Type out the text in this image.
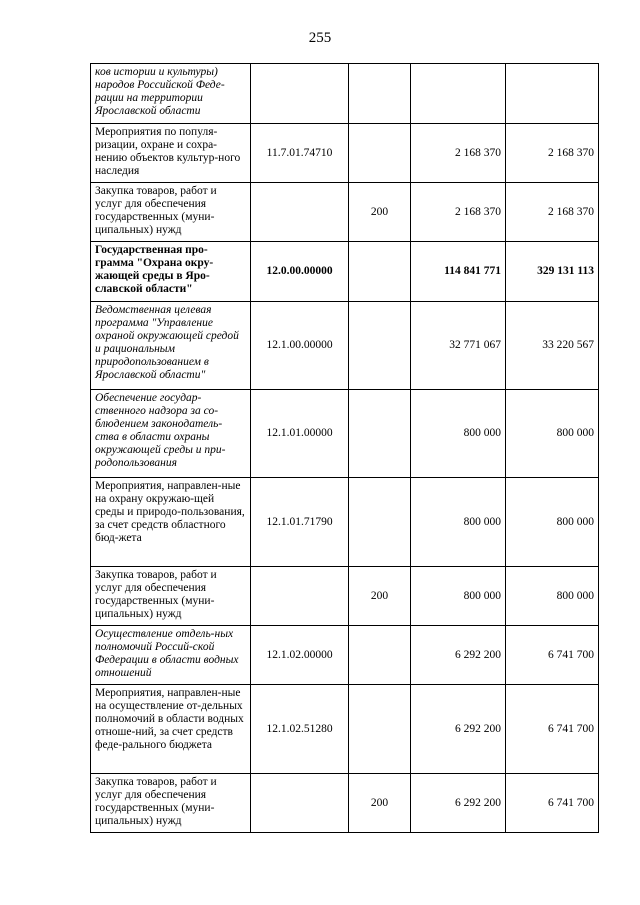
255
ков истории и культуры) народов Российской Феде-рации на территории Ярославской области				
Мероприятия по популя-ризации, охране и сохра-нению объектов культур-ного наследия	11.7.01.74710		2 168 370	2 168 370
Закупка товаров, работ и услуг для обеспечения государственных (муни-ципальных) нужд		200	2 168 370	2 168 370
Государственная про-грамма "Охрана окру-жающей среды в Яро-славской области"	12.0.00.00000		114 841 771	329 131 113
Ведомственная целевая программа "Управление охраной окружающей средой и рациональным природопользованием в Ярославской области"	12.1.00.00000		32 771 067	33 220 567
Обеспечение государ-ственного надзора за со-блюдением законодатель-ства в области охраны окружающей среды и при-родопользования	12.1.01.00000		800 000	800 000
Мероприятия, направлен-ные на охрану окружаю-щей среды и природо-пользования, за счет средств областного бюд-жета	12.1.01.71790		800 000	800 000
Закупка товаров, работ и услуг для обеспечения государственных (муни-ципальных) нужд		200	800 000	800 000
Осуществление отдель-ных полномочий Россий-ской Федерации в области водных отношений	12.1.02.00000		6 292 200	6 741 700
Мероприятия, направлен-ные на осуществление от-дельных полномочий в области водных отноше-ний, за счет средств феде-рального бюджета	12.1.02.51280		6 292 200	6 741 700
Закупка товаров, работ и услуг для обеспечения государственных (муни-ципальных) нужд		200	6 292 200	6 741 700
